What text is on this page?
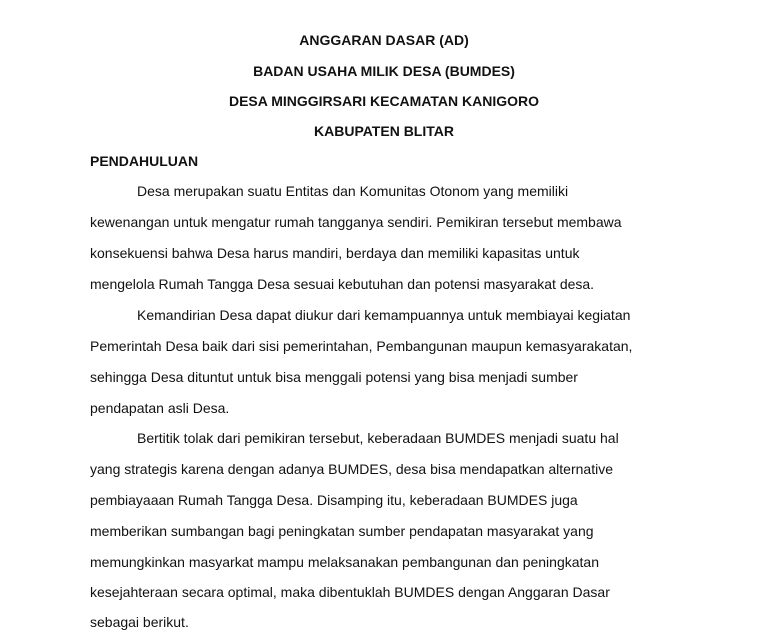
ANGGARAN DASAR (AD)
BADAN USAHA MILIK DESA (BUMDES)
DESA MINGGIRSARI KECAMATAN KANIGORO
KABUPATEN BLITAR
PENDAHULUAN
Desa merupakan suatu Entitas dan Komunitas Otonom yang memiliki
kewenangan untuk mengatur rumah tangganya sendiri. Pemikiran tersebut membawa
konsekuensi bahwa Desa harus mandiri, berdaya dan memiliki kapasitas untuk
mengelola Rumah Tangga Desa sesuai kebutuhan dan potensi masyarakat desa.
Kemandirian Desa dapat diukur dari kemampuannya untuk membiayai kegiatan
Pemerintah Desa baik dari sisi pemerintahan, Pembangunan maupun kemasyarakatan,
sehingga Desa dituntut untuk bisa menggali potensi yang bisa menjadi sumber
pendapatan asli Desa.
Bertitik tolak dari pemikiran tersebut, keberadaan BUMDES menjadi suatu hal
yang strategis karena dengan adanya BUMDES, desa bisa mendapatkan alternative
pembiayaaan Rumah Tangga Desa. Disamping itu, keberadaan BUMDES juga
memberikan sumbangan bagi peningkatan sumber pendapatan masyarakat yang
memungkinkan masyarkat mampu melaksanakan pembangunan dan peningkatan
kesejahteraan secara optimal, maka dibentuklah BUMDES dengan Anggaran Dasar
sebagai berikut.
